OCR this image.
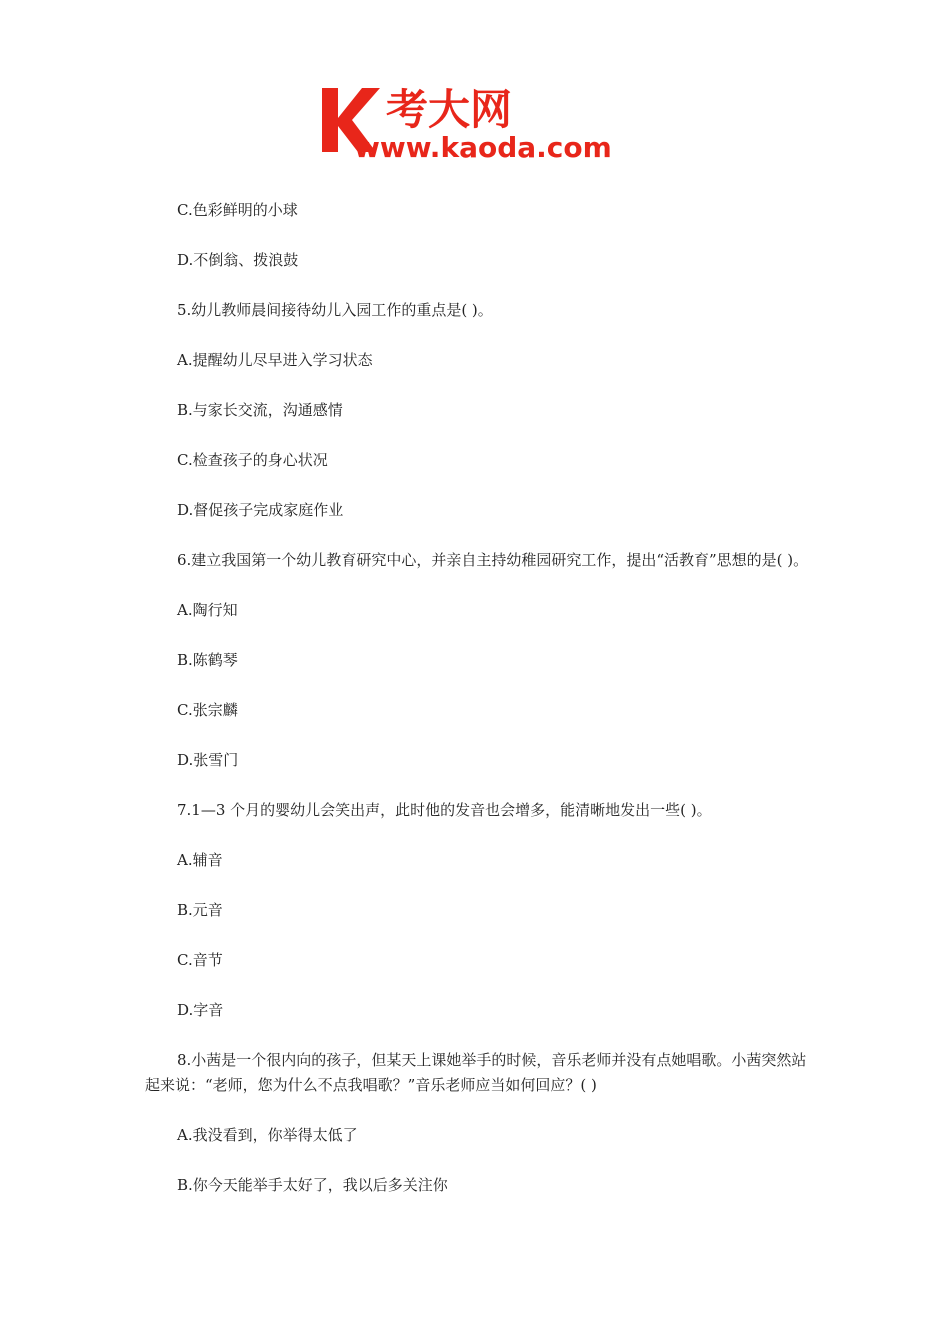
考大网
www.kaoda.com
C.色彩鲜明的小球
D.不倒翁、拨浪鼓
5.幼儿教师晨间接待幼儿入园工作的重点是( )。
A.提醒幼儿尽早进入学习状态
B.与家长交流，沟通感情
C.检查孩子的身心状况
D.督促孩子完成家庭作业
6.建立我国第一个幼儿教育研究中心，并亲自主持幼稚园研究工作，提出“活教育”思想的是( )。
A.陶行知
B.陈鹤琴
C.张宗麟
D.张雪门
7.1—3 个月的婴幼儿会笑出声，此时他的发音也会增多，能清晰地发出一些( )。
A.辅音
B.元音
C.音节
D.字音
8.小茜是一个很内向的孩子，但某天上课她举手的时候，音乐老师并没有点她唱歌。小茜突然站起来说：“老师，您为什么不点我唱歌？”音乐老师应当如何回应？( )
A.我没看到，你举得太低了
B.你今天能举手太好了，我以后多关注你
